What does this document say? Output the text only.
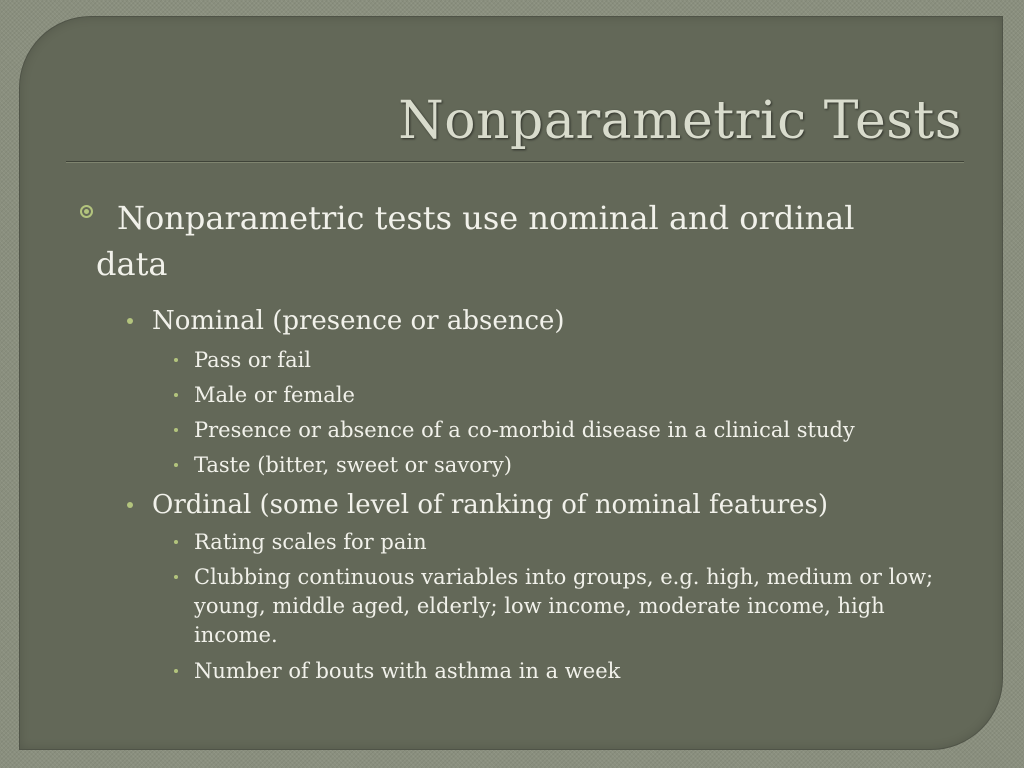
Nonparametric Tests
Nonparametric tests use nominal and ordinal data
Nominal (presence or absence)
Pass or fail
Male or female
Presence or absence of a co-morbid disease in a clinical study
Taste (bitter, sweet or savory)
Ordinal (some level of ranking of nominal features)
Rating scales for pain
Clubbing continuous variables into groups, e.g. high, medium or low; young, middle aged, elderly; low income, moderate income, high income.
Number of bouts with asthma in a week
